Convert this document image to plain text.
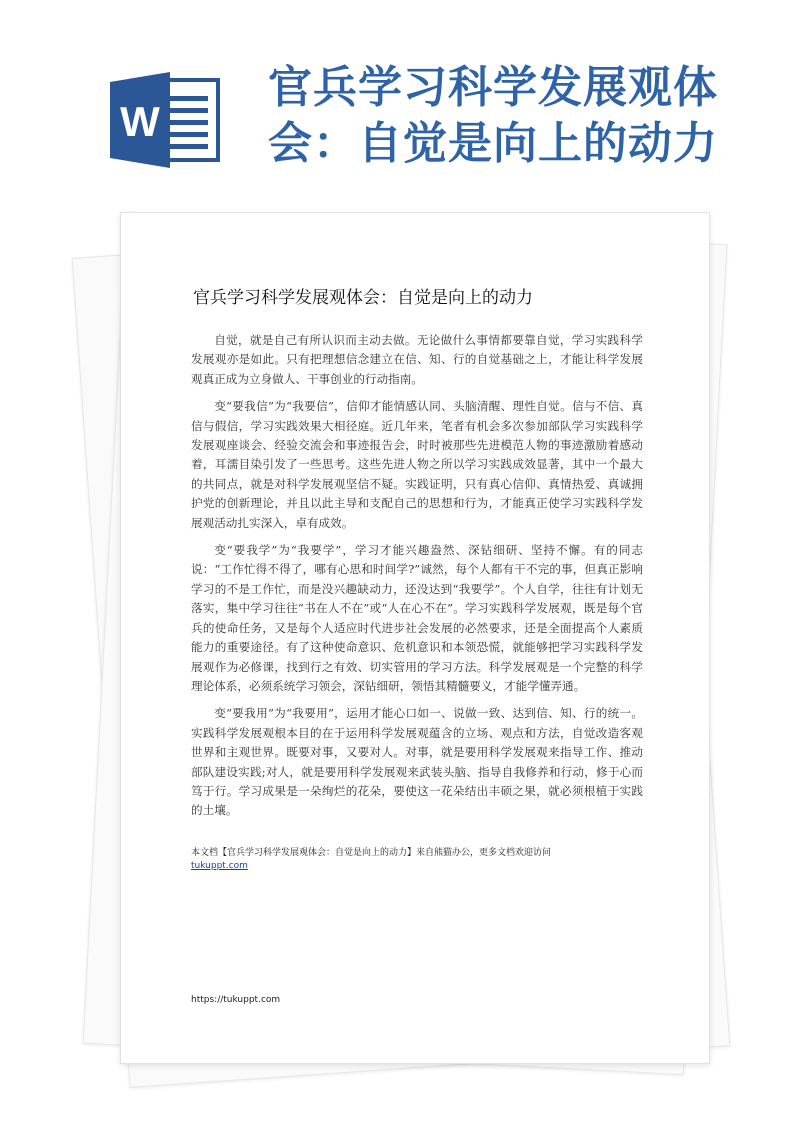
W
官兵学习科学发展观体会：自觉是向上的动力
官兵学习科学发展观体会：自觉是向上的动力

自觉，就是自己有所认识而主动去做。无论做什么事情都要靠自觉，学习实践科学发展观亦是如此。只有把理想信念建立在信、知、行的自觉基础之上，才能让科学发展观真正成为立身做人、干事创业的行动指南。

变“要我信”为“我要信”，信仰才能情感认同、头脑清醒、理性自觉。信与不信、真信与假信，学习实践效果大相径庭。近几年来，笔者有机会多次参加部队学习实践科学发展观座谈会、经验交流会和事迹报告会，时时被那些先进模范人物的事迹激励着感动着，耳濡目染引发了一些思考。这些先进人物之所以学习实践成效显著，其中一个最大的共同点，就是对科学发展观坚信不疑。实践证明，只有真心信仰、真情热爱、真诚拥护党的创新理论，并且以此主导和支配自己的思想和行为，才能真正使学习实践科学发展观活动扎实深入，卓有成效。

变“要我学”为“我要学”，学习才能兴趣盎然、深钻细研、坚持不懈。有的同志说：“工作忙得不得了，哪有心思和时间学?”诚然，每个人都有干不完的事，但真正影响学习的不是工作忙，而是没兴趣缺动力，还没达到“我要学”。个人自学，往往有计划无落实，集中学习往往“书在人不在”或“人在心不在”。学习实践科学发展观，既是每个官兵的使命任务，又是每个人适应时代进步社会发展的必然要求，还是全面提高个人素质能力的重要途径。有了这种使命意识、危机意识和本领恐慌，就能够把学习实践科学发展观作为必修课，找到行之有效、切实管用的学习方法。科学发展观是一个完整的科学理论体系，必须系统学习领会，深钻细研，领悟其精髓要义，才能学懂弄通。

变“要我用”为“我要用”，运用才能心口如一、说做一致、达到信、知、行的统一。实践科学发展观根本目的在于运用科学发展观蕴含的立场、观点和方法，自觉改造客观世界和主观世界。既要对事，又要对人。对事，就是要用科学发展观来指导工作、推动部队建设实践;对人，就是要用科学发展观来武装头脑、指导自我修养和行动，修于心而笃于行。学习成果是一朵绚烂的花朵，要使这一花朵结出丰硕之果，就必须根植于实践的土壤。

本文档【官兵学习科学发展观体会：自觉是向上的动力】来自熊猫办公，更多文档欢迎访问
tukuppt.com
https://tukuppt.com
